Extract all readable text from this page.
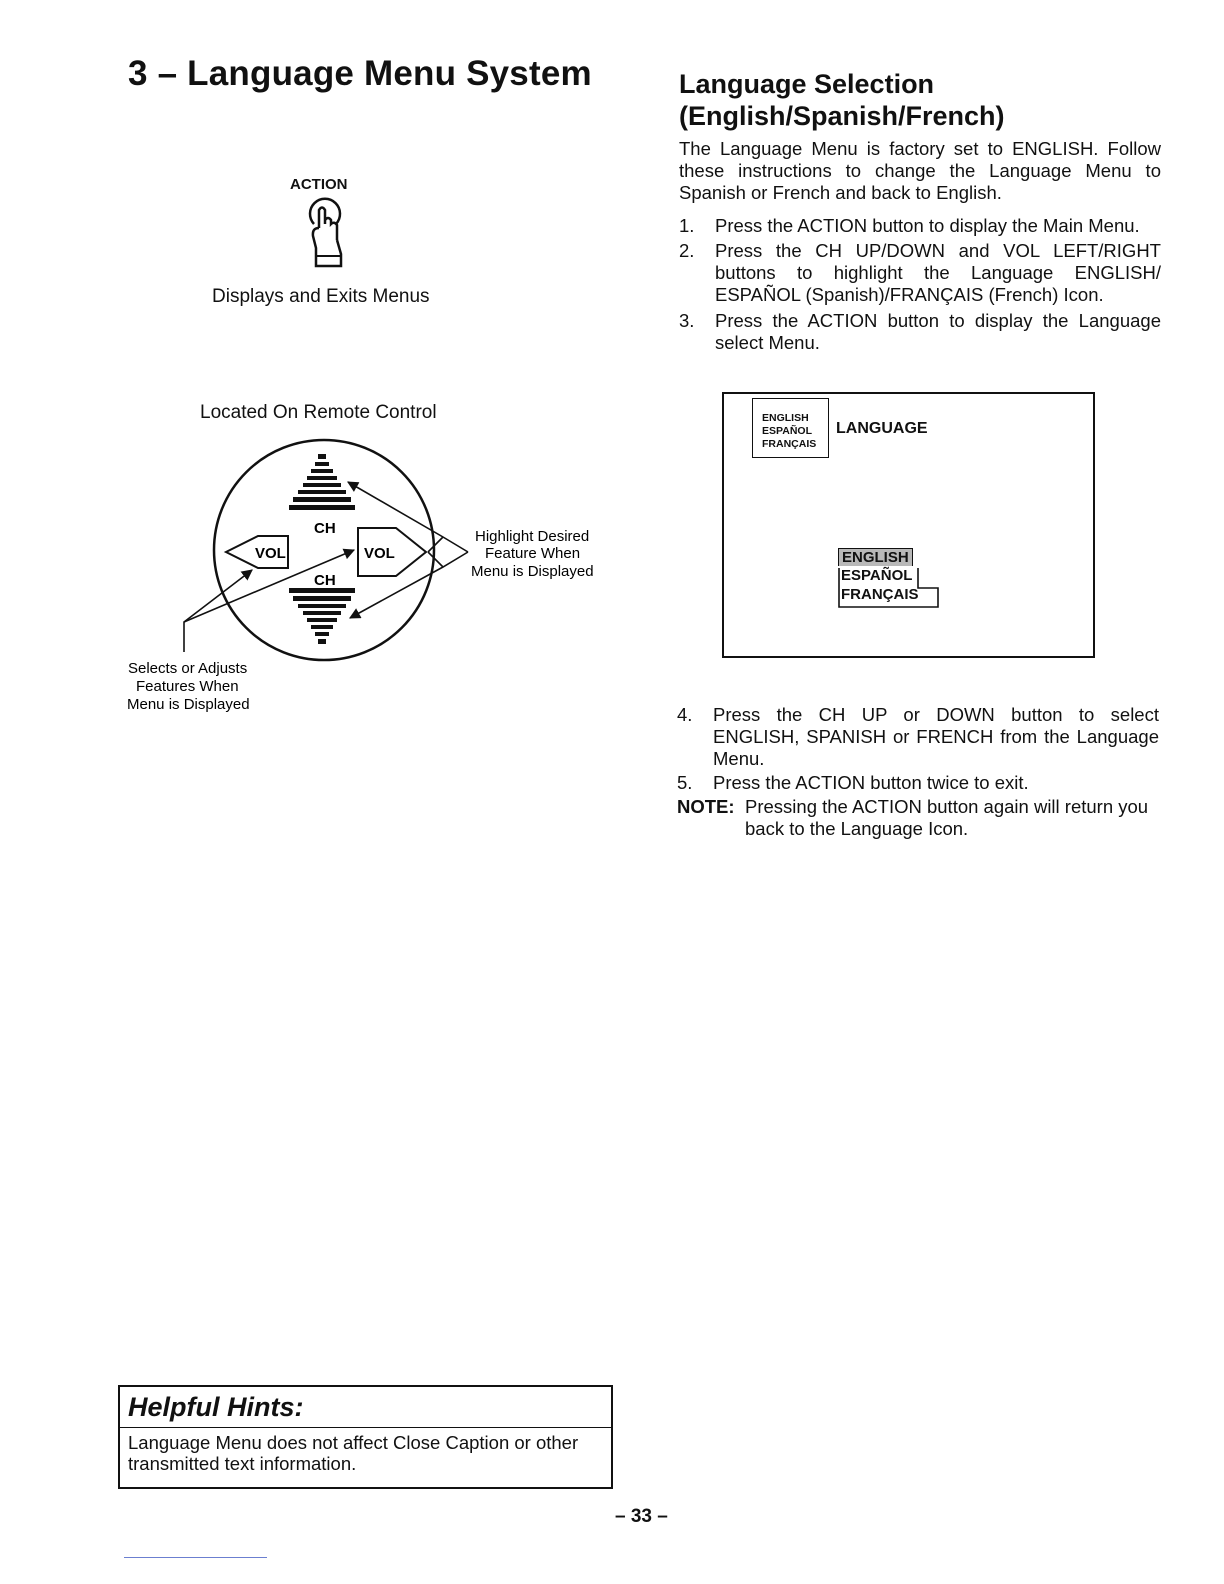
3 – Language Menu System
ACTION
Displays and Exits Menus
Located On Remote Control
CH
CH
VOL	VOL
Highlight Desired
Feature When
Menu is Displayed
Selects or Adjusts
Features When
Menu is Displayed
Language Selection
(English/Spanish/French)
The Language Menu is factory set to ENGLISH. Follow these instructions to change the Language Menu to Spanish or French and back to English.
1. Press the ACTION button to display the Main Menu.
2. Press the CH UP/DOWN and VOL LEFT/RIGHT buttons to highlight the Language ENGLISH/ ESPAÑOL (Spanish)/FRANÇAIS (French) Icon.
3. Press the ACTION button to display the Language select Menu.
ENGLISH
ESPAÑOL
FRANÇAIS
LANGUAGE
ENGLISH
ESPAÑOL
FRANÇAIS
4. Press the CH UP or DOWN button to select ENGLISH, SPANISH or FRENCH from the Language Menu.
5. Press the ACTION button twice to exit.
NOTE: Pressing the ACTION button again will return you back to the Language Icon.
Helpful Hints:
Language Menu does not affect Close Caption or other transmitted text information.
– 33 –
